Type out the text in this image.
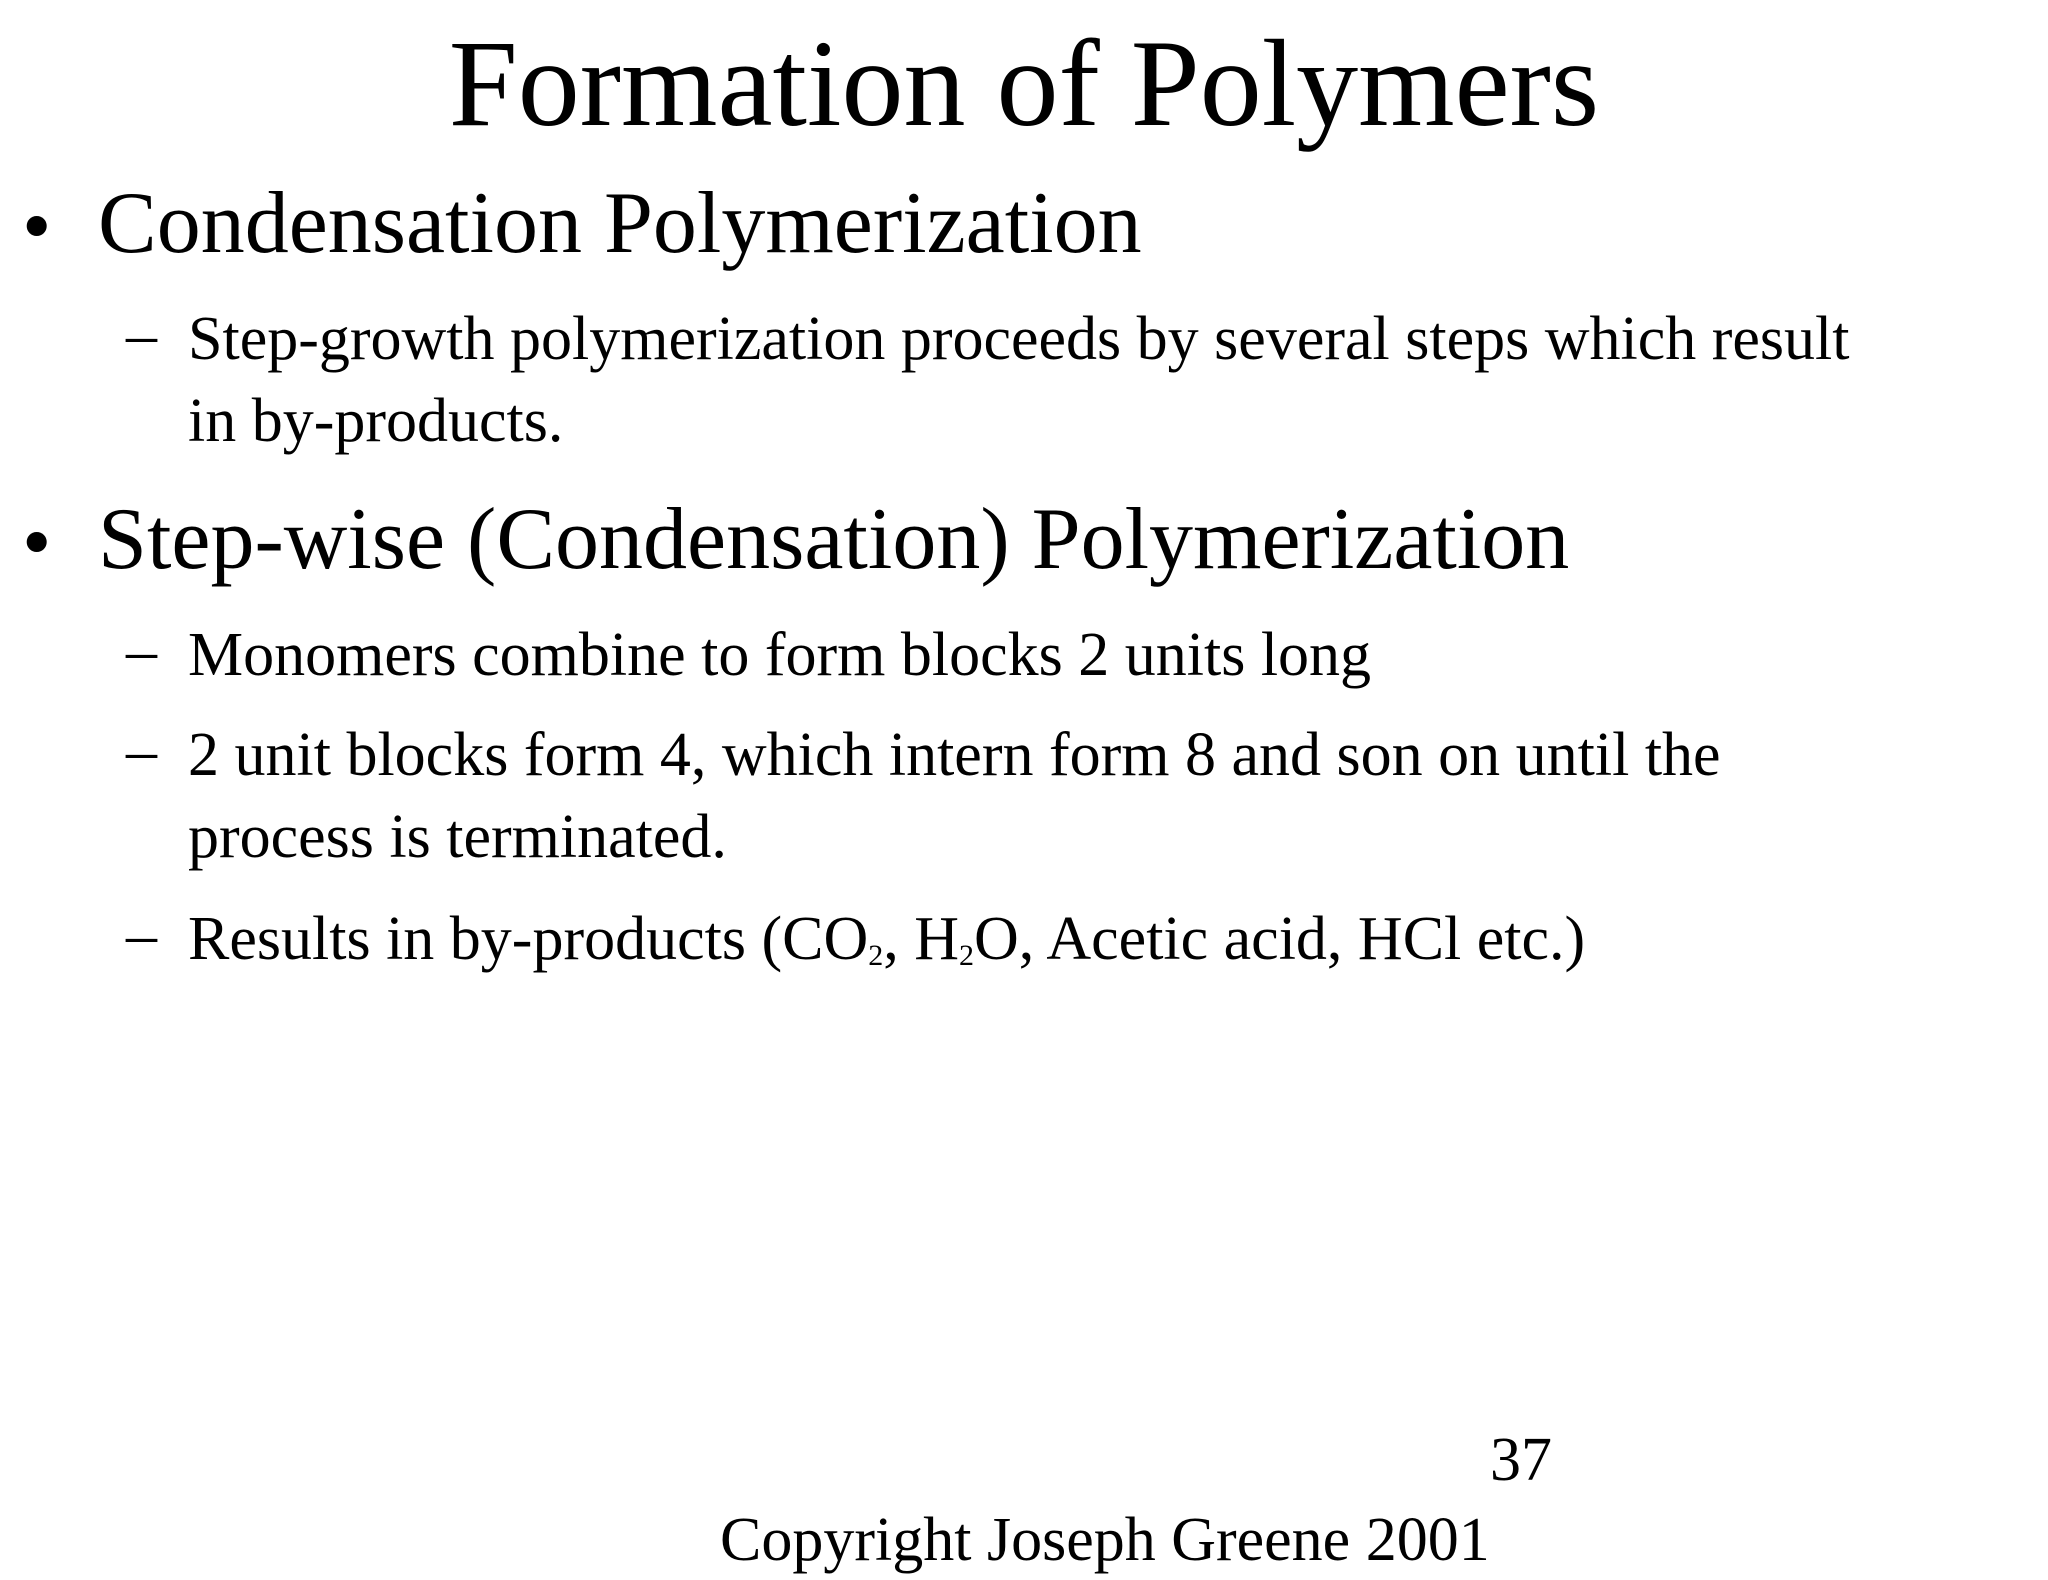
Formation of Polymers
• Condensation Polymerization
– Step-growth polymerization proceeds by several steps which result
in by-products.
• Step-wise (Condensation) Polymerization
– Monomers combine to form blocks 2 units long
– 2 unit blocks form 4, which intern form 8 and son on until the
process is terminated.
– Results in by-products ($CO_2$, $H_2O$, Acetic acid, HCl etc.)
37
Copyright Joseph Greene 2001
